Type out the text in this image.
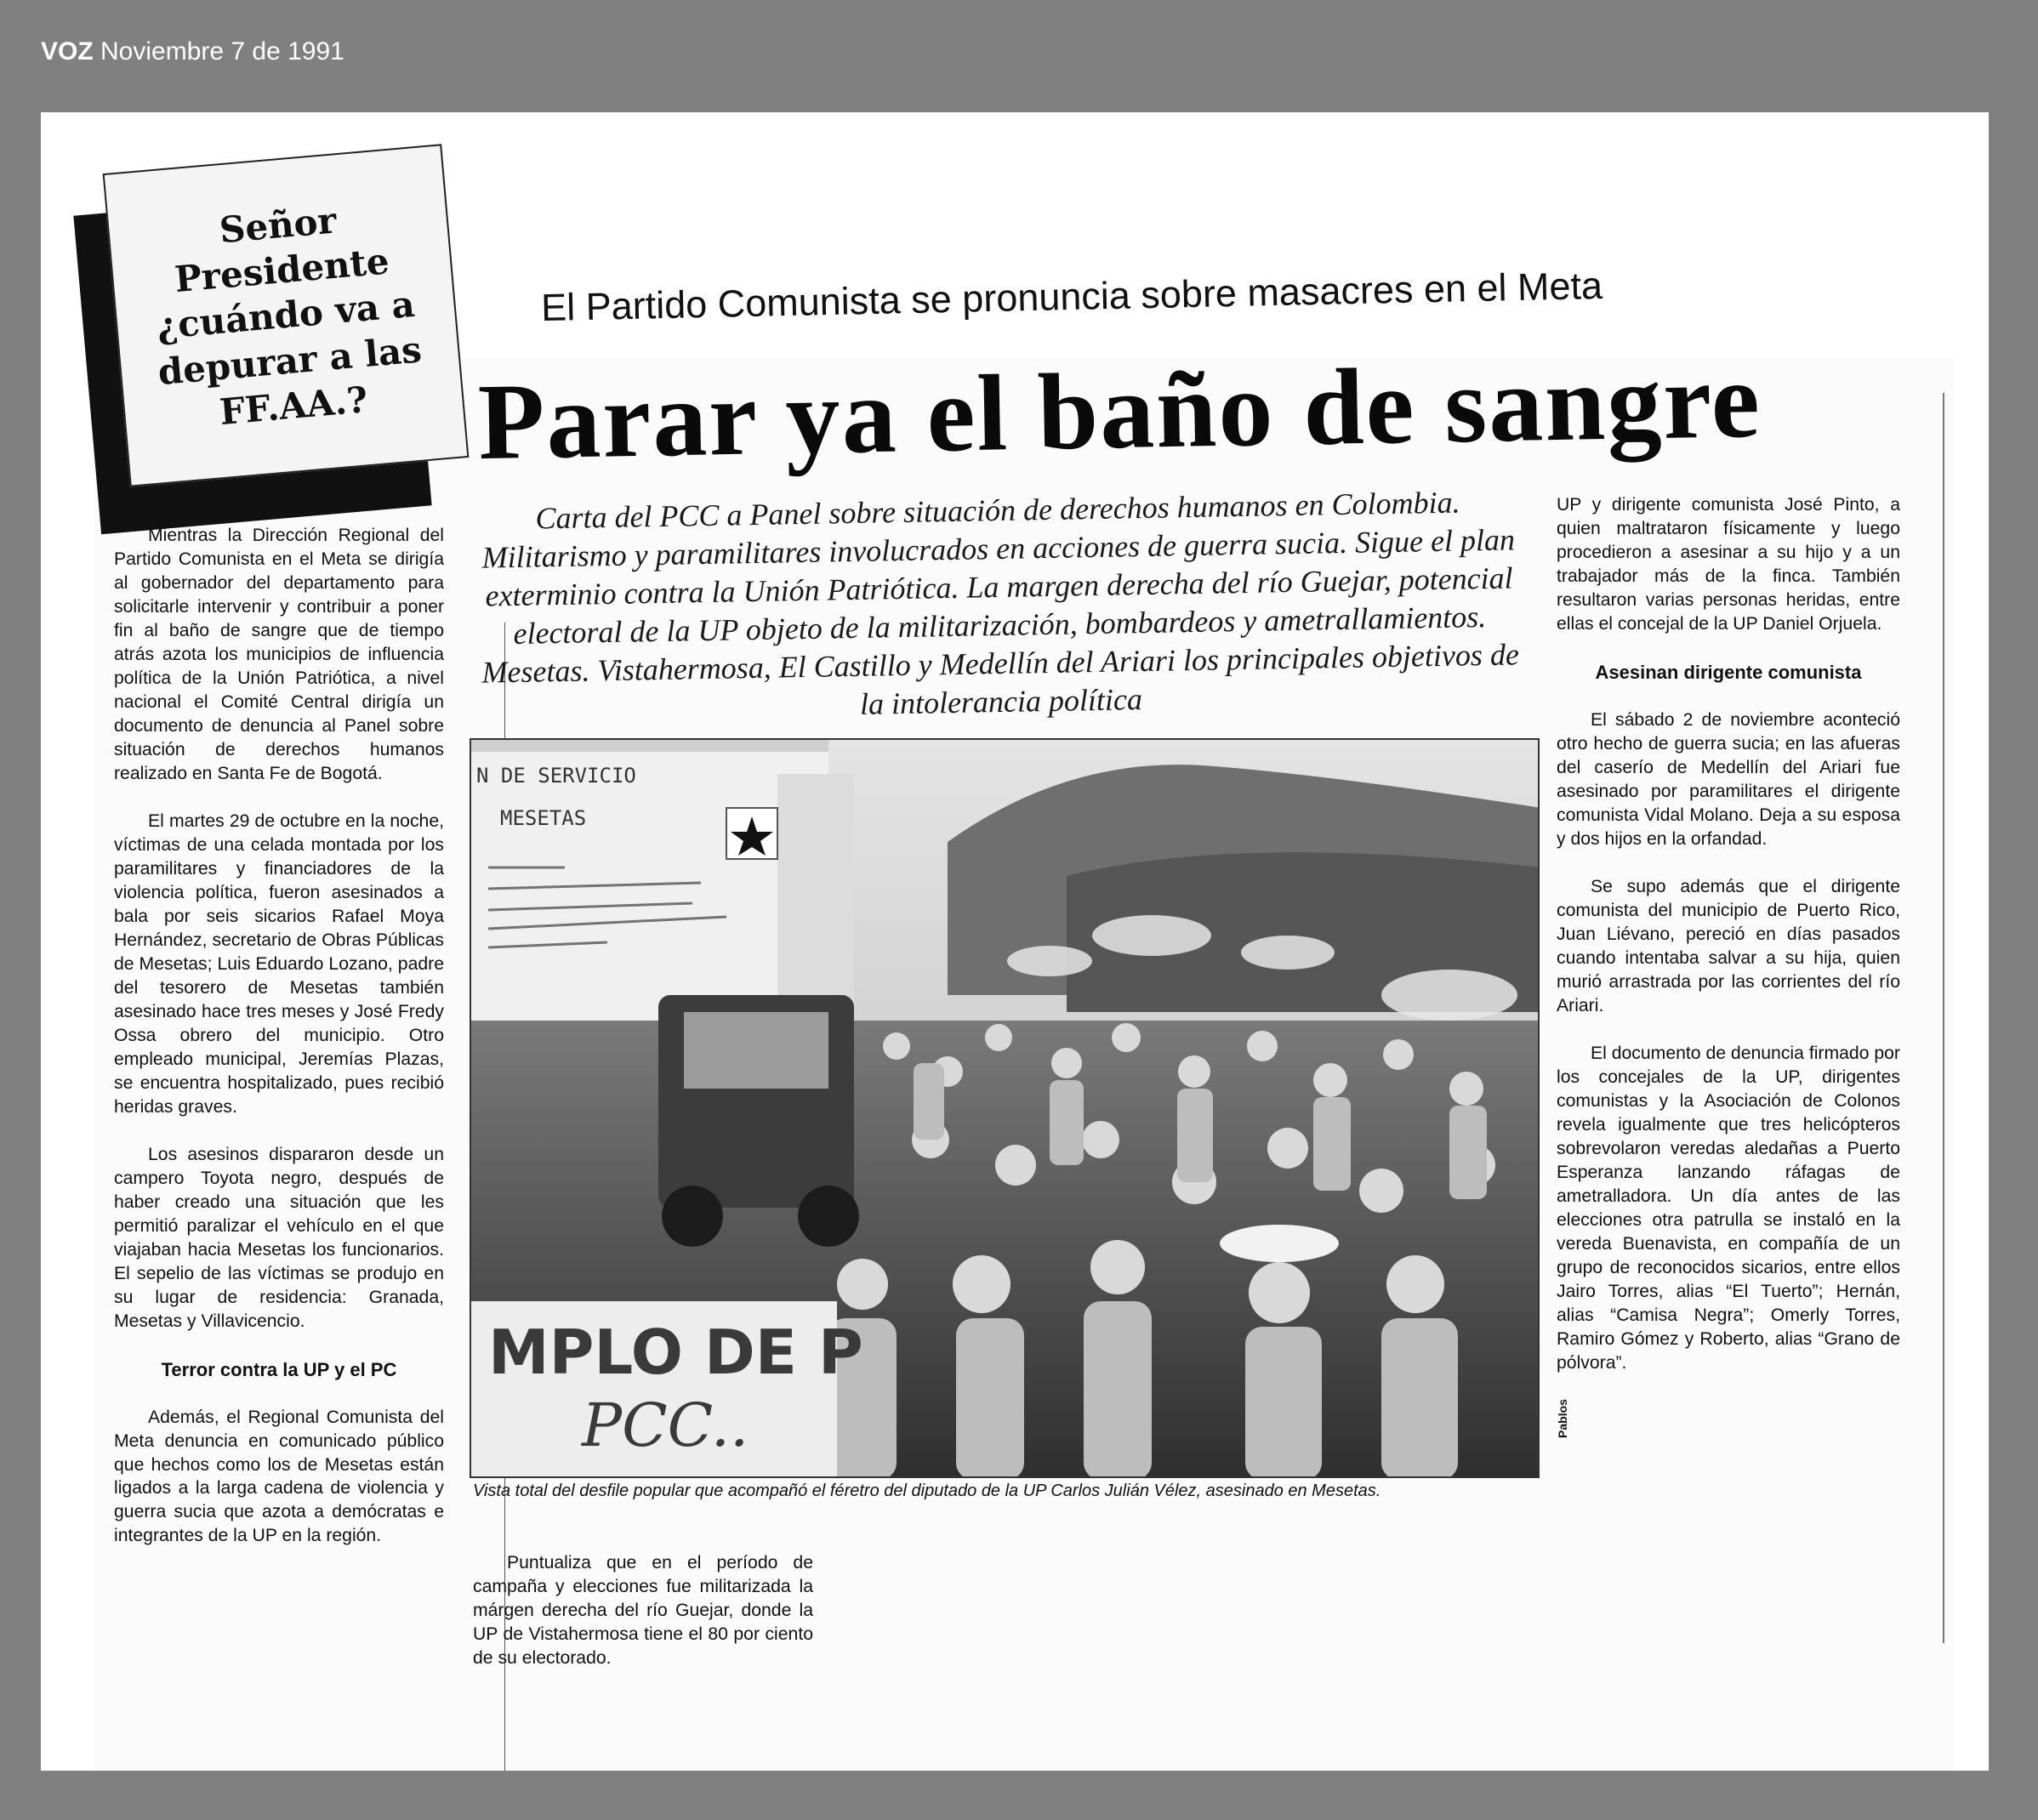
VOZ Noviembre 7 de 1991
Señor Presidente ¿cuándo va a depurar a las FF.AA.?
El Partido Comunista se pronuncia sobre masacres en el Meta
Parar ya el baño de sangre
Carta del PCC a Panel sobre situación de derechos humanos en Colombia. Militarismo y paramilitares involucrados en acciones de guerra sucia. Sigue el plan exterminio contra la Unión Patriótica. La margen derecha del río Guejar, potencial electoral de la UP objeto de la militarización, bombardeos y ametrallamientos. Mesetas. Vistahermosa, El Castillo y Medellín del Ariari los principales objetivos de la intolerancia política

Mientras la Dirección Regional del Partido Comunista en el Meta se dirigía al gobernador del departamento para solicitarle intervenir y contribuir a poner fin al baño de sangre que de tiempo atrás azota los municipios de influencia política de la Unión Patriótica, a nivel nacional el Comité Central dirigía un documento de denuncia al Panel sobre situación de derechos humanos realizado en Santa Fe de Bogotá.

El martes 29 de octubre en la noche, víctimas de una celada montada por los paramilitares y financiadores de la violencia política, fueron asesinados a bala por seis sicarios Rafael Moya Hernández, secretario de Obras Públicas de Mesetas; Luis Eduardo Lozano, padre del tesorero de Mesetas también asesinado hace tres meses y José Fredy Ossa obrero del municipio. Otro empleado municipal, Jeremías Plazas, se encuentra hospitalizado, pues recibió heridas graves.

Los asesinos dispararon desde un campero Toyota negro, después de haber creado una situación que les permitió paralizar el vehículo en el que viajaban hacia Mesetas los funcionarios. El sepelio de las víctimas se produjo en su lugar de residencia: Granada, Mesetas y Villavicencio.

Terror contra la UP y el PC

Además, el Regional Comunista del Meta denuncia en comunicado público que hechos como los de Mesetas están ligados a la larga cadena de violencia y guerra sucia que azota a demócratas e integrantes de la UP en la región.

N DE SERVICIO
MESETAS
MPLO DE P
PCC..
Vista total del desfile popular que acompañó el féretro del diputado de la UP Carlos Julián Vélez, asesinado en Mesetas.
Pablos

Puntualiza que en el período de campaña y elecciones fue militarizada la márgen derecha del río Guejar, donde la UP de Vistahermosa tiene el 80 por ciento de su electorado.

UP y dirigente comunista José Pinto, a quien maltrataron físicamente y luego procedieron a asesinar a su hijo y a un trabajador más de la finca. También resultaron varias personas heridas, entre ellas el concejal de la UP Daniel Orjuela.

Asesinan dirigente comunista

El sábado 2 de noviembre aconteció otro hecho de guerra sucia; en las afueras del caserío de Medellín del Ariari fue asesinado por paramilitares el dirigente comunista Vidal Molano. Deja a su esposa y dos hijos en la orfandad.

Se supo además que el dirigente comunista del municipio de Puerto Rico, Juan Liévano, pereció en días pasados cuando intentaba salvar a su hija, quien murió arrastrada por las corrientes del río Ariari.

El documento de denuncia firmado por los concejales de la UP, dirigentes comunistas y la Asociación de Colonos revela igualmente que tres helicópteros sobrevolaron veredas aledañas a Puerto Esperanza lanzando ráfagas de ametralladora. Un día antes de las elecciones otra patrulla se instaló en la vereda Buenavista, en compañía de un grupo de reconocidos sicarios, entre ellos Jairo Torres, alias “El Tuerto”; Hernán, alias “Camisa Negra”; Omerly Torres, Ramiro Gómez y Roberto, alias “Grano de pólvora”.
